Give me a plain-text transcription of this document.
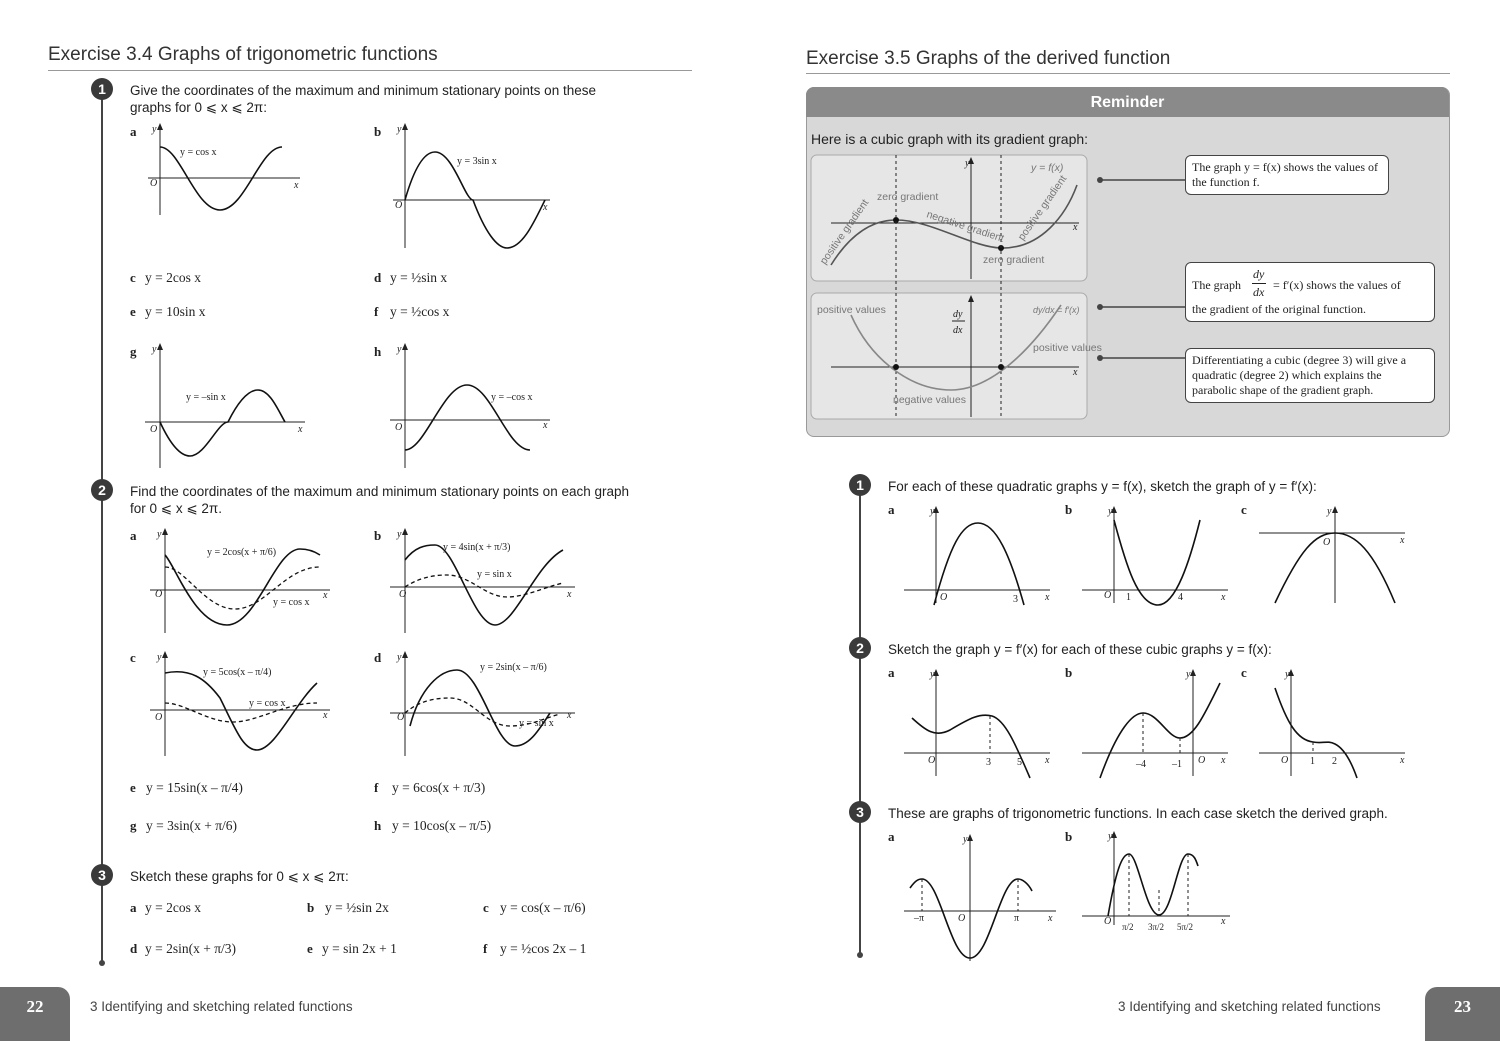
Exercise 3.4 Graphs of trigonometric functions
1	Give the coordinates of the maximum and minimum stationary points on these
graphs for 0 ⩽ x ⩽ 2π:
a y
x
O
y = cos x
b y
x
O
y = 3sin x
c y = 2cos x	d y = ½sin x
e y = 10sin x	f y = ½cos x
g y
x
O
y = –sin x
h y
x
O
y = –cos x
2	Find the coordinates of the maximum and minimum stationary points on each graph
for 0 ⩽ x ⩽ 2π.
a y
x
O
y = 2cos(x + π/6)
y = cos x
b y
x
O
y = 4sin(x + π/3)
y = sin x
c y
x
O
y = 5cos(x – π/4)
y = cos x
d y
x
O
y = 2sin(x – π/6)
y = sin x
e y = 15sin(x – π/4)	f y = 6cos(x + π/3)
g y = 3sin(x + π/6)	h y = 10cos(x – π/5)
3	Sketch these graphs for 0 ⩽ x ⩽ 2π:
a y = 2cos x	b y = ½sin 2x	c y = cos(x – π/6)
d y = 2sin(x + π/3)	e y = sin 2x + 1	f y = ½cos 2x – 1
22	3 Identifying and sketching related functions
Exercise 3.5 Graphs of the derived function
Reminder
Here is a cubic graph with its gradient graph:
y
x
zero gradient
zero gradient
positive gradient	negative gradient positive gradient
y = f(x)
x
dy
dx
dy/dx = f′(x)
positive values
positive values
negative values
The graph y = f(x) shows the values of the function f.
The graph
dy
dx = f′(x) shows the values of
the gradient of the original function.
Differentiating a cubic (degree 3) will give a quadratic (degree 2) which explains the parabolic shape of the gradient graph.
1	For each of these quadratic graphs y = f(x), sketch the graph of y = f′(x):
a	y
x
O	3
b	y
x
O 1	4
c	y
x
O
2	Sketch the graph y = f′(x) for each of these cubic graphs y = f(x):
a	y
x
O	3	5
b	y
x
O
–4	–1
c	y
x
O 1 2
3	These are graphs of trigonometric functions. In each case sketch the derived graph.
a	y
x
O
–π	π
b	y
x
O π/2 3π/2 5π/2
3 Identifying and sketching related functions	23
